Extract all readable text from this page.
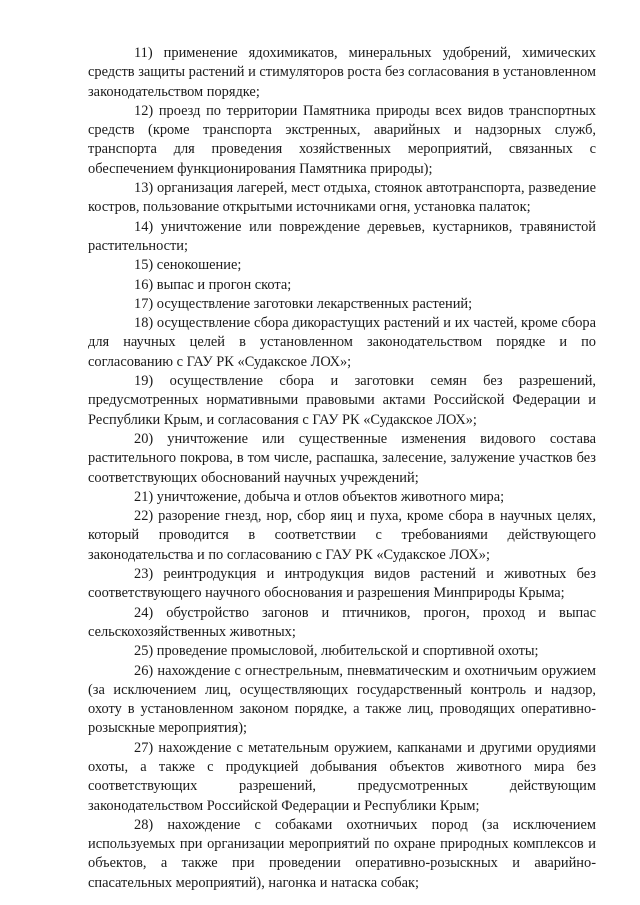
11) применение ядохимикатов, минеральных удобрений, химических средств защиты растений и стимуляторов роста без согласования в установленном законодательством порядке;

12) проезд по территории Памятника природы всех видов транспортных средств (кроме транспорта экстренных, аварийных и надзорных служб, транспорта для проведения хозяйственных мероприятий, связанных с обеспечением функционирования Памятника природы);

13) организация лагерей, мест отдыха, стоянок автотранспорта, разведение костров, пользование открытыми источниками огня, установка палаток;

14) уничтожение или повреждение деревьев, кустарников, травянистой растительности;

15) сенокошение;

16) выпас и прогон скота;

17) осуществление заготовки лекарственных растений;

18) осуществление сбора дикорастущих растений и их частей, кроме сбора для научных целей в установленном законодательством порядке и по согласованию с ГАУ РК «Судакское ЛОХ»;

19) осуществление сбора и заготовки семян без разрешений, предусмотренных нормативными правовыми актами Российской Федерации и Республики Крым, и согласования с ГАУ РК «Судакское ЛОХ»;

20) уничтожение или существенные изменения видового состава растительного покрова, в том числе, распашка, залесение, залужение участков без соответствующих обоснований научных учреждений;

21) уничтожение, добыча и отлов объектов животного мира;

22) разорение гнезд, нор, сбор яиц и пуха, кроме сбора в научных целях, который проводится в соответствии с требованиями действующего законодательства и по согласованию с ГАУ РК «Судакское ЛОХ»;

23) реинтродукция и интродукция видов растений и животных без соответствующего научного обоснования и разрешения Минприроды Крыма;

24) обустройство загонов и птичников, прогон, проход и выпас сельскохозяйственных животных;

25) проведение промысловой, любительской и спортивной охоты;

26) нахождение с огнестрельным, пневматическим и охотничьим оружием (за исключением лиц, осуществляющих государственный контроль и надзор, охоту в установленном законом порядке, а также лиц, проводящих оперативно-розыскные мероприятия);

27) нахождение с метательным оружием, капканами и другими орудиями охоты, а также с продукцией добывания объектов животного мира без соответствующих разрешений, предусмотренных действующим законодательством Российской Федерации и Республики Крым;

28) нахождение с собаками охотничьих пород (за исключением используемых при организации мероприятий по охране природных комплексов и объектов, а также при проведении оперативно-розыскных и аварийно-спасательных мероприятий), нагонка и натаска собак;
